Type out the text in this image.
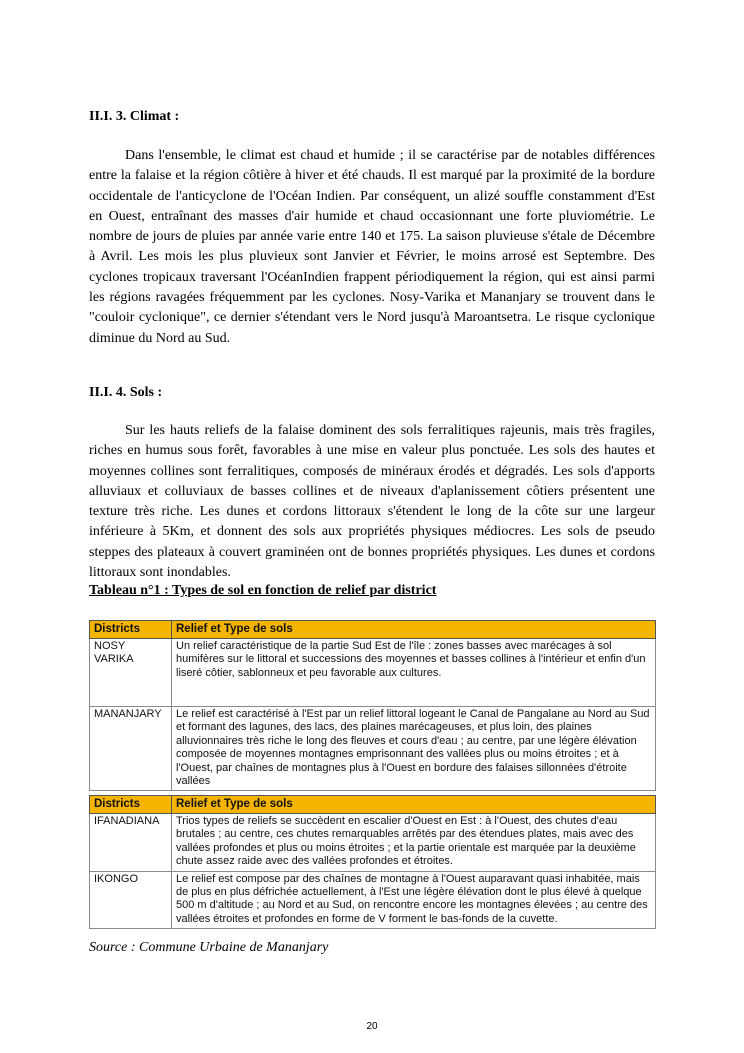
II.I. 3. Climat :

Dans l'ensemble, le climat est chaud et humide ; il se caractérise par de notables différences entre la falaise et la région côtière à hiver et été chauds. Il est marqué par la proximité de la bordure occidentale de l'anticyclone de l'Océan Indien. Par conséquent, un alizé souffle constamment d'Est en Ouest, entraînant des masses d'air humide et chaud occasionnant une forte pluviométrie. Le nombre de jours de pluies par année varie entre 140 et 175. La saison pluvieuse s'étale de Décembre à Avril. Les mois les plus pluvieux sont Janvier et Février, le moins arrosé est Septembre. Des cyclones tropicaux traversant l'OcéanIndien frappent périodiquement la région, qui est ainsi parmi les régions ravagées fréquemment par les cyclones. Nosy-Varika et Mananjary se trouvent dans le "couloir cyclonique", ce dernier s'étendant vers le Nord jusqu'à Maroantsetra. Le risque cyclonique diminue du Nord au Sud.

II.I. 4. Sols :

Sur les hauts reliefs de la falaise dominent des sols ferralitiques rajeunis, mais très fragiles, riches en humus sous forêt, favorables à une mise en valeur plus ponctuée. Les sols des hautes et moyennes collines sont ferralitiques, composés de minéraux érodés et dégradés. Les sols d'apports alluviaux et colluviaux de basses collines et de niveaux d'aplanissement côtiers présentent une texture très riche. Les dunes et cordons littoraux s'étendent le long de la côte sur une largeur inférieure à 5Km, et donnent des sols aux propriétés physiques médiocres. Les sols de pseudo steppes des plateaux à couvert graminéen ont de bonnes propriétés physiques. Les dunes et cordons littoraux sont inondables.

Tableau n°1 : Types de sol en fonction de relief par district
Districts	Relief et Type de sols
NOSY
VARIKA	Un relief caractéristique de la partie Sud Est de l'île : zones basses avec marécages à sol humifères sur le littoral et successions des moyennes et basses collines à l'intérieur et enfin d'un liseré côtier, sablonneux et peu favorable aux cultures.
MANANJARY	Le relief est caractérisé à l'Est par un relief littoral logeant le Canal de Pangalane au Nord au Sud et formant des lagunes, des lacs, des plaines marécageuses, et plus loin, des plaines alluvionnaires très riche le long des fleuves et cours d'eau ; au centre, par une légère élévation composée de moyennes montagnes emprisonnant des vallées plus ou moins étroites ; et à l'Ouest, par chaînes de montagnes plus à l'Ouest en bordure des falaises sillonnées d'étroite vallées
Districts	Relief et Type de sols
IFANADIANA	Trios types de reliefs se succèdent en escalier d'Ouest en Est : à l'Ouest, des chutes d'eau brutales ; au centre, ces chutes remarquables arrêtés par des étendues plates, mais avec des vallées profondes et plus ou moins étroites ; et la partie orientale est marquée par la deuxième chute assez raide avec des vallées profondes et étroites.
IKONGO	Le relief est compose par des chaînes de montagne à l'Ouest auparavant quasi inhabitée, mais de plus en plus défrichée actuellement, à l'Est une légère élévation dont le plus élevé à quelque 500 m d'altitude ; au Nord et au Sud, on rencontre encore les montagnes élevées ; au centre des vallées étroites et profondes en forme de V forment le bas-fonds de la cuvette.
Source : Commune Urbaine de Mananjary
20
